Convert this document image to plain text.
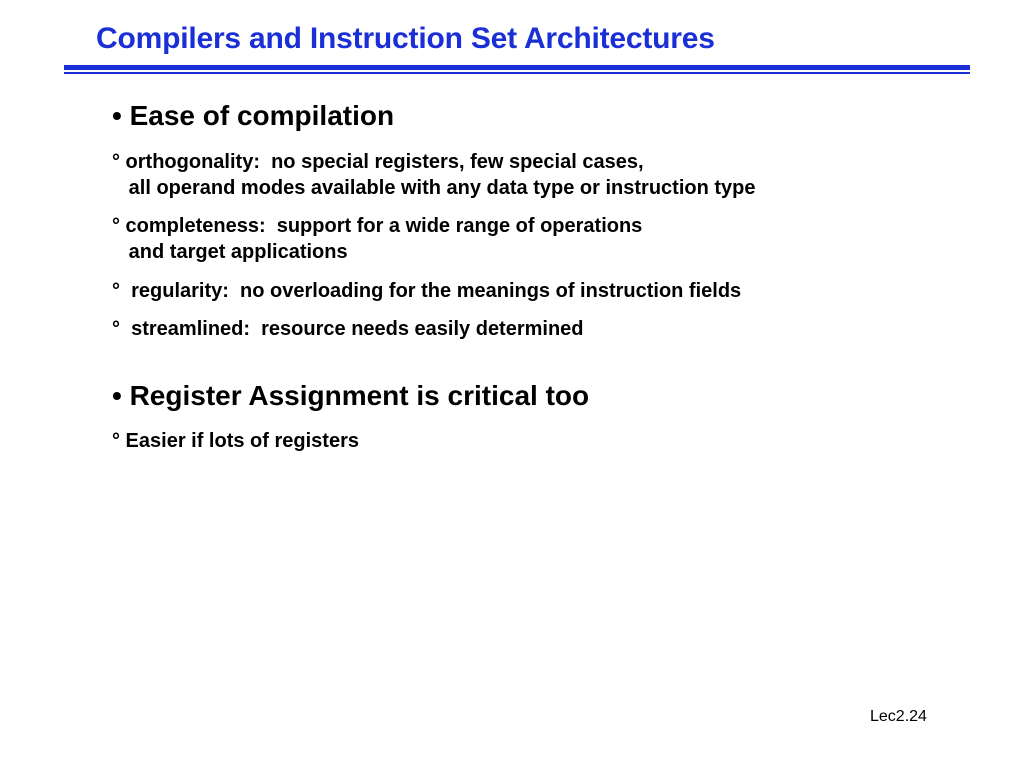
Compilers and Instruction Set Architectures
• Ease of compilation
° orthogonality:  no special registers, few special cases,
all operand modes available with any data type or instruction type
° completeness:  support for a wide range of operations
and target applications
°  regularity:  no overloading for the meanings of instruction fields
°  streamlined:  resource needs easily determined
• Register Assignment is critical too
° Easier if lots of registers
Lec2.24
